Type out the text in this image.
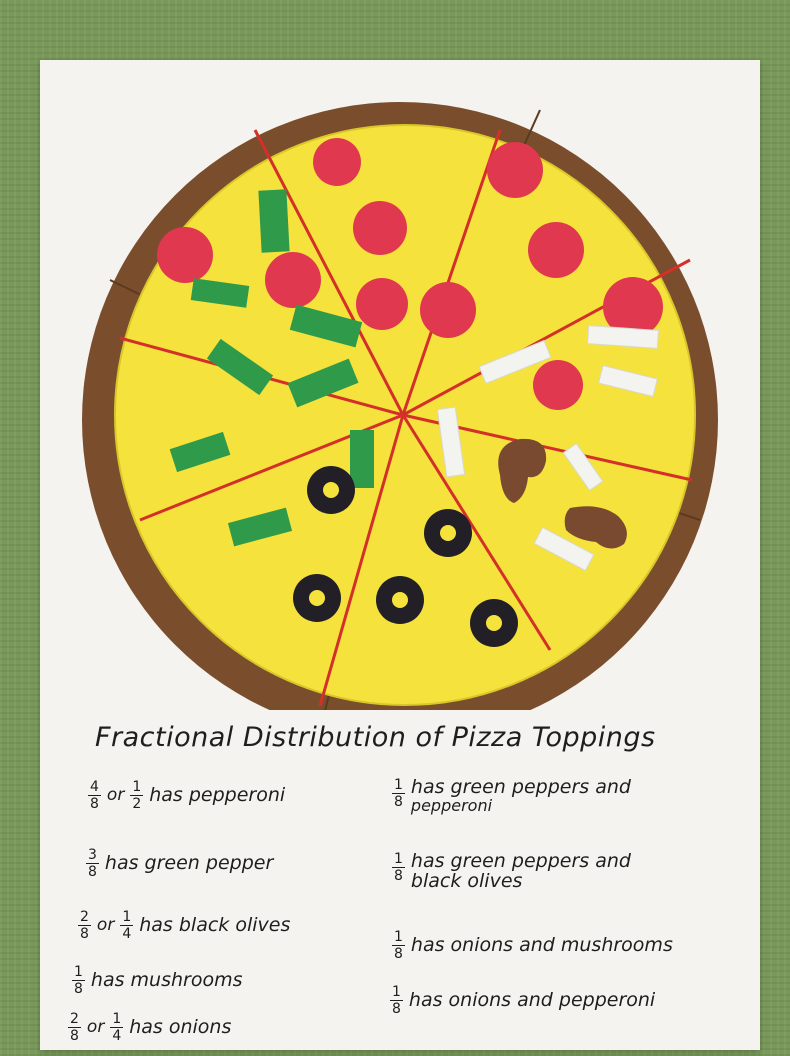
Fractional Distribution of Pizza Toppings
$\frac{4}{8}$ or $\frac{1}{2}$ has pepperoni
$\frac{3}{8}$ has green pepper
$\frac{2}{8}$ or $\frac{1}{4}$ has black olives
$\frac{1}{8}$ has mushrooms
$\frac{2}{8}$ or $\frac{1}{4}$ has onions
$\frac{1}{8}$ has green peppers and
pepperoni
$\frac{1}{8}$ has green peppers and
black olives
$\frac{1}{8}$ has onions and mushrooms
$\frac{1}{8}$ has onions and pepperoni
